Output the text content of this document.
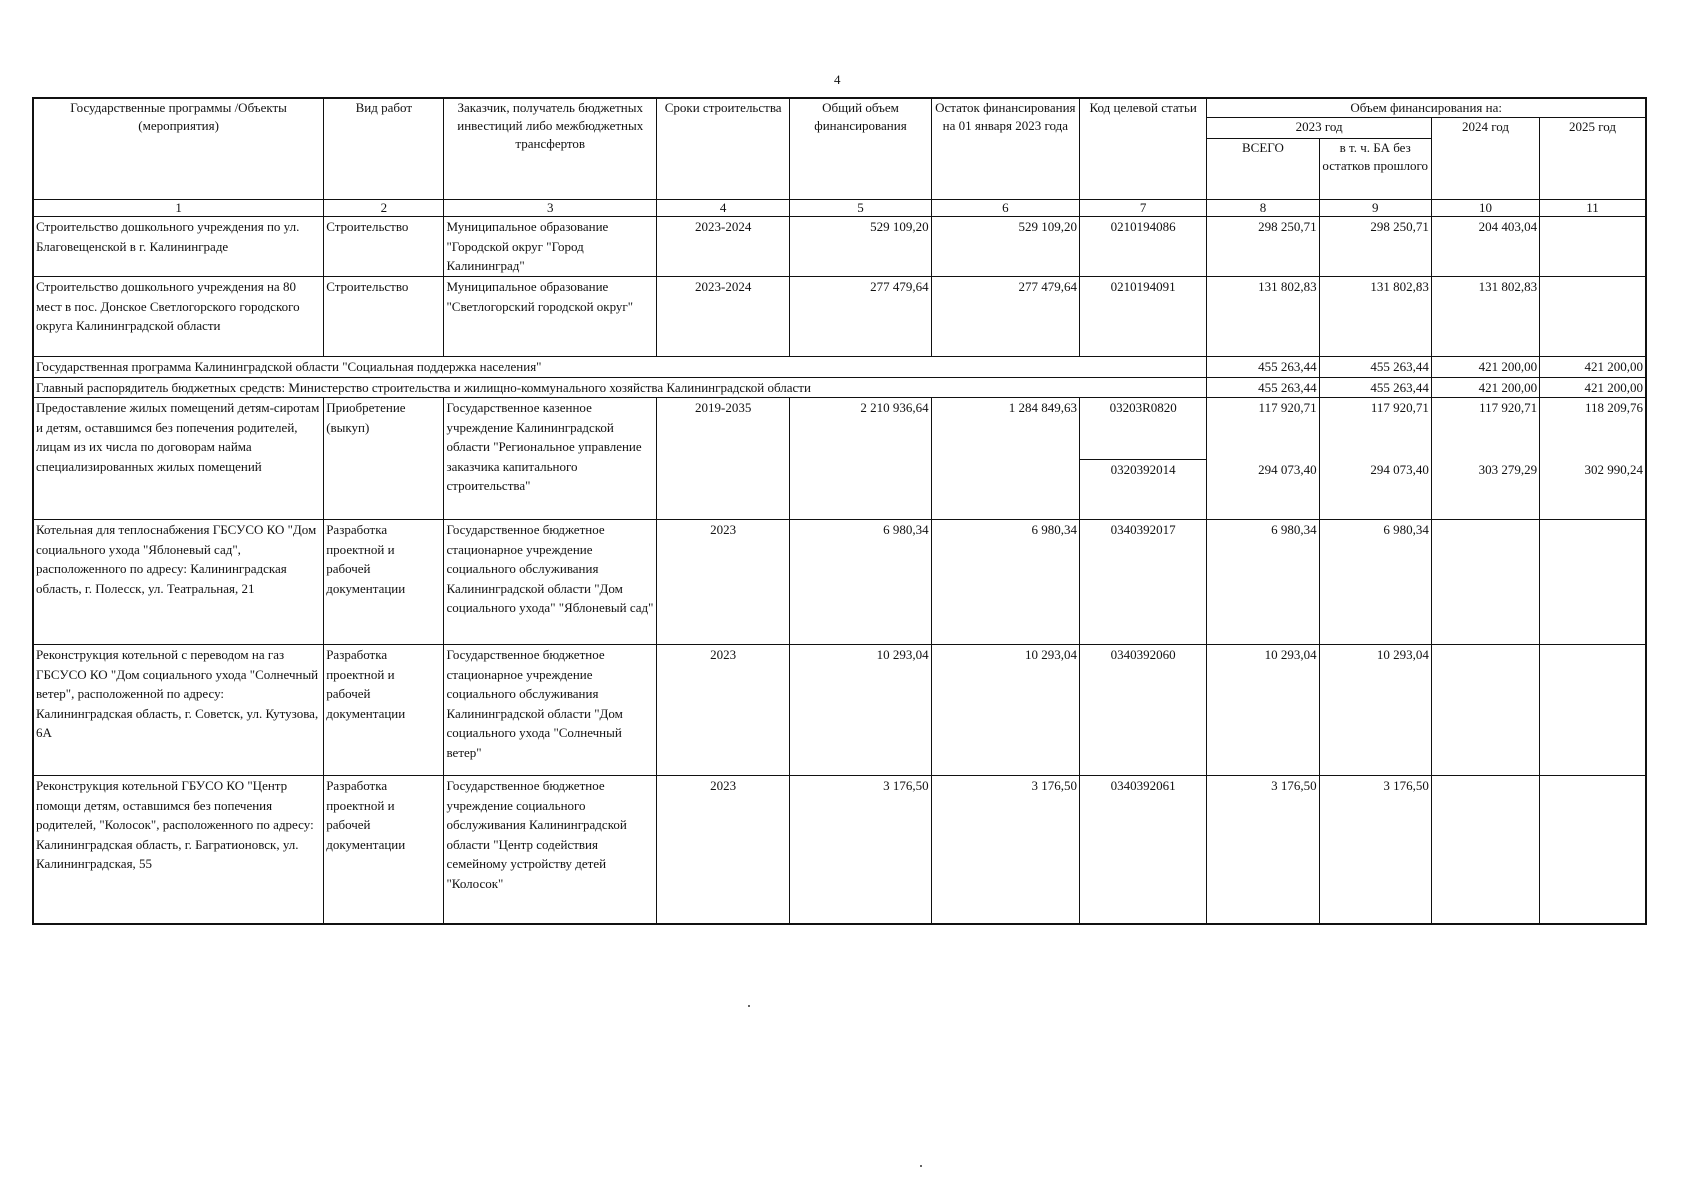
4
Государственные программы /Объекты (мероприятия)	Вид работ	Заказчик, получатель бюджетных инвестиций либо межбюджетных трансфертов	Сроки строительства	Общий объем финансирования	Остаток финансирования на 01 января 2023 года	Код целевой статьи	Объем финансирования на:			
							2023 год		2024 год	2025 год
							ВСЕГО	в т. ч. БА без остатков прошлого		
1	2	3	4	5	6	7	8	9	10	11
Строительство дошкольного учреждения по ул. Благовещенской в г. Калининграде	Строительство	Муниципальное образование "Городской округ "Город Калининград"	2023-2024	529 109,20	529 109,20	0210194086	298 250,71	298 250,71	204 403,04	
Строительство дошкольного учреждения на 80 мест в пос. Донское Светлогорского городского округа Калининградской области	Строительство	Муниципальное образование "Светлогорский городской округ"	2023-2024	277 479,64	277 479,64	0210194091	131 802,83	131 802,83	131 802,83	
Государственная программа Калининградской области "Социальная поддержка населения"							455 263,44	455 263,44	421 200,00	421 200,00
Главный распорядитель бюджетных средств: Министерство строительства и жилищно-коммунального хозяйства Калининградской области							455 263,44	455 263,44	421 200,00	421 200,00
Предоставление жилых помещений детям-сиротам и детям, оставшимся без попечения родителей, лицам из их числа по договорам найма специализированных жилых помещений	Приобретение (выкуп)	Государственное казенное учреждение Калининградской области "Региональное управление заказчика капитального строительства"	2019-2035	2 210 936,64	1 284 849,63	03203R0820	117 920,71	117 920,71	117 920,71	118 209,76
						0320392014	294 073,40	294 073,40	303 279,29	302 990,24
Котельная для теплоснабжения ГБСУСО КО "Дом социального ухода "Яблоневый сад", расположенного по адресу: Калининградская область, г. Полесск, ул. Театральная, 21	Разработка проектной и рабочей документации	Государственное бюджетное стационарное учреждение социального обслуживания Калининградской области "Дом социального ухода" "Яблоневый сад"	2023	6 980,34	6 980,34	0340392017	6 980,34	6 980,34		
Реконструкция котельной с переводом на газ ГБСУСО КО "Дом социального ухода "Солнечный ветер", расположенной по адресу: Калининградская область, г. Советск, ул. Кутузова, 6А	Разработка проектной и рабочей документации	Государственное бюджетное стационарное учреждение социального обслуживания Калининградской области "Дом социального ухода "Солнечный ветер"	2023	10 293,04	10 293,04	0340392060	10 293,04	10 293,04		
Реконструкция котельной ГБУСО КО "Центр помощи детям, оставшимся без попечения родителей, "Колосок", расположенного по адресу: Калининградская область, г. Багратионовск, ул. Калининградская, 55	Разработка проектной и рабочей документации	Государственное бюджетное учреждение социального обслуживания Калининградской области "Центр содействия семейному устройству детей "Колосок"	2023	3 176,50	3 176,50	0340392061	3 176,50	3 176,50		
